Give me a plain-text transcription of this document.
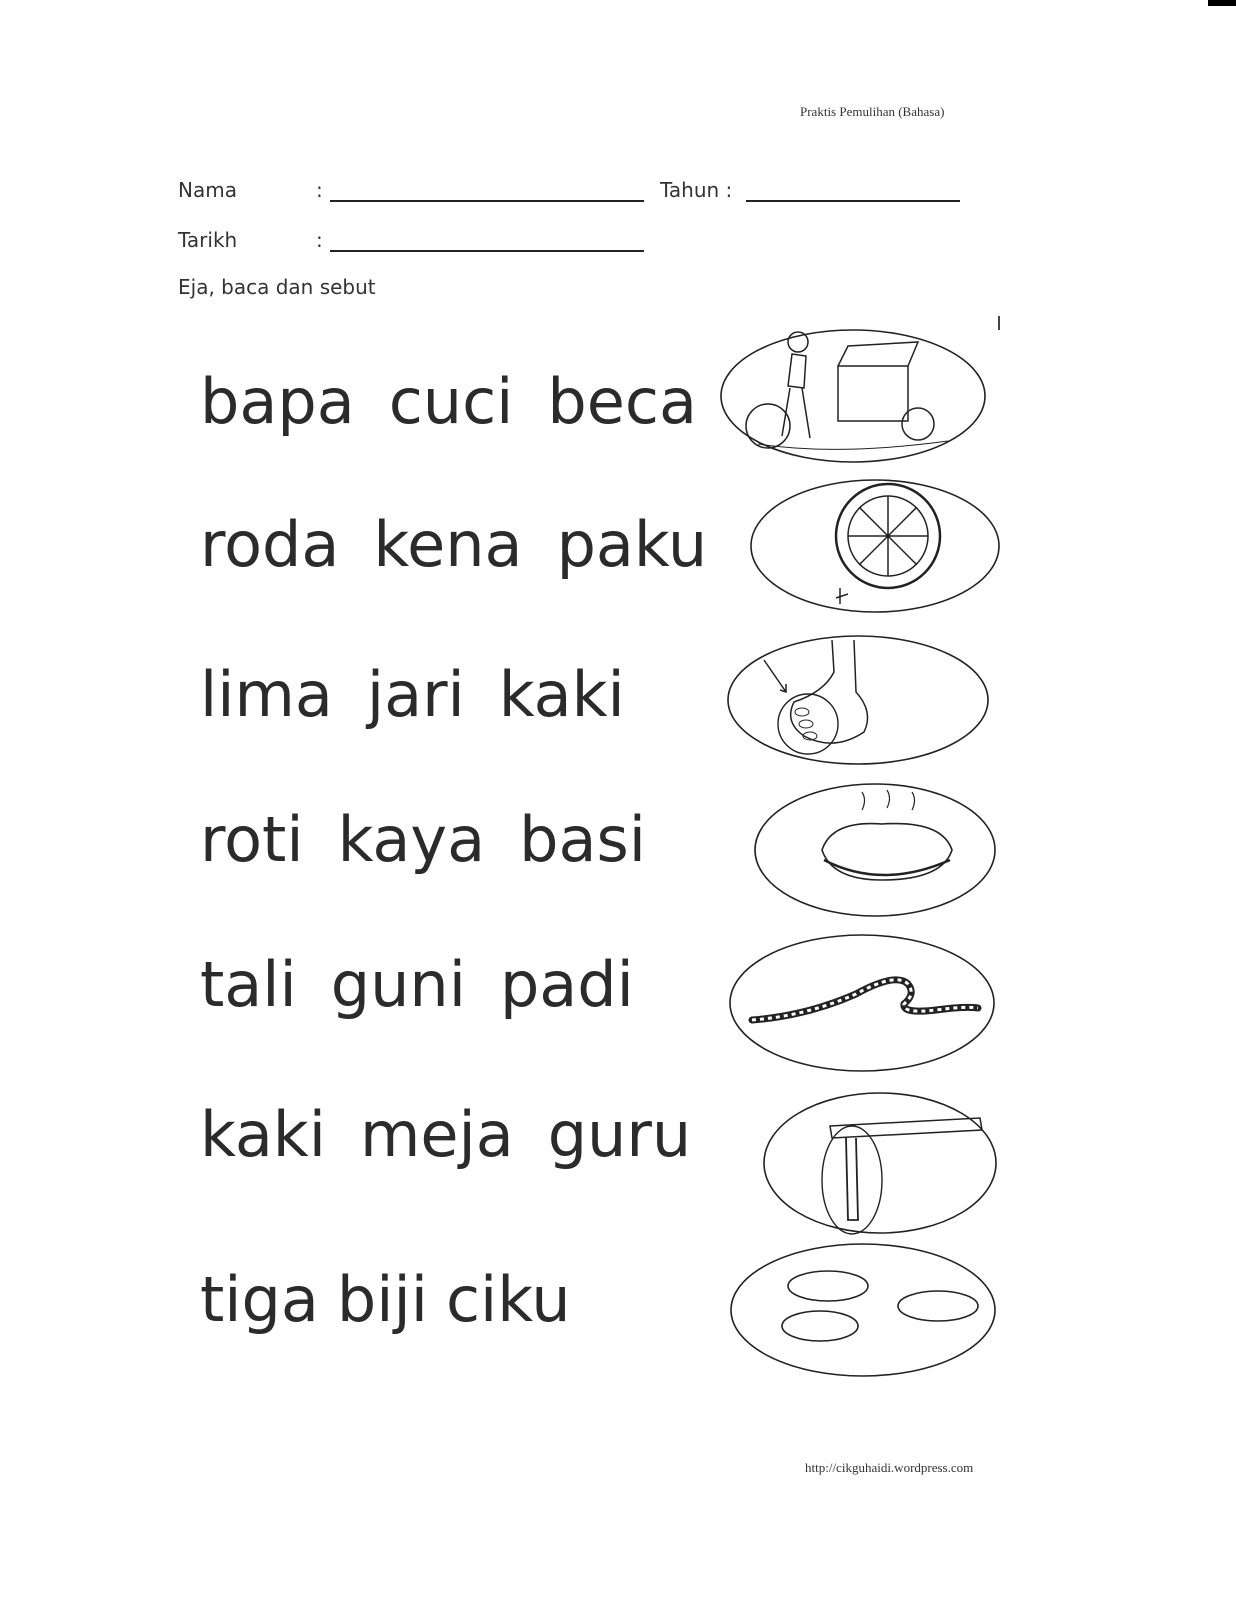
Praktis Pemulihan (Bahasa)
Nama	:	Tahun :
Tarikh	:
Eja, baca dan sebut
bapa cuci beca
roda kena paku
lima jari kaki
roti kaya basi
tali guni padi
kaki meja guru
tiga biji ciku
http://cikguhaidi.wordpress.com
